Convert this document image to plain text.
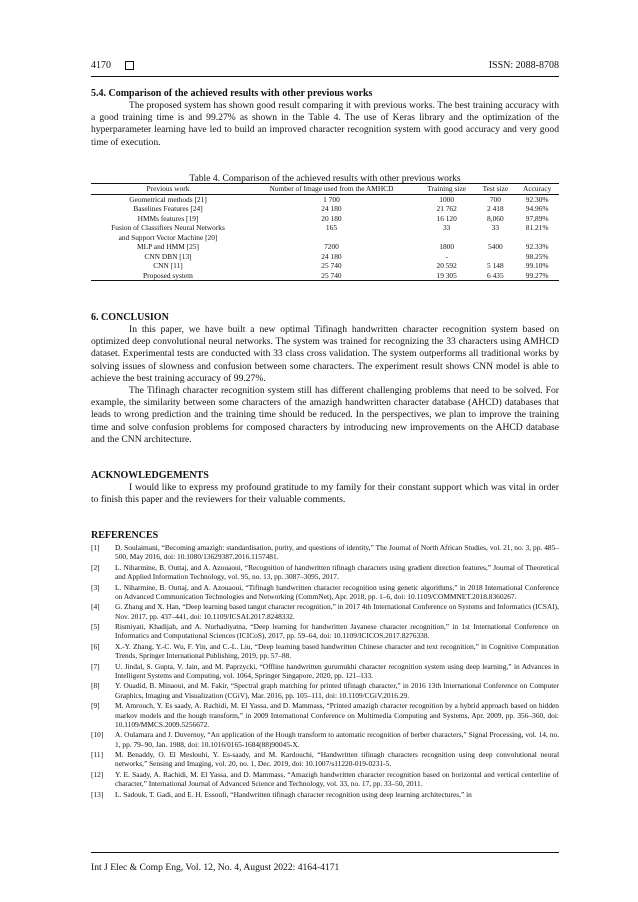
4170	ISSN: 2088-8708
5.4. Comparison of the achieved results with other previous works

The proposed system has shown good result comparing it with previous works. The best training accuracy with a good training time is and 99.27% as shown in the Table 4. The use of Keras library and the optimization of the hyperparameter learning have led to build an improved character recognition system with good accuracy and very good time of execution.

Table 4. Comparison of the achieved results with other previous works
Previous work	Number of Image used from the AMHCD	Training size	Test size	Accuracy
Geometrical methods [21]	1 700	1000	700	92.30%
Baselines Features [24]	24 180	21 762	2 418	94.96%
HMMs features [19]	20 180	16 120	8,060	97,89%
Fusion of Classifiers Neural Networks	165	33	33	81.21%
and Support Vector Machine [20]				
MLP and HMM [25]	7200	1800	5400	92.33%
CNN DBN [13]	24 180	-		98.25%
CNN [11]	25 740	20 592	5 148	99.10%
Proposed system	25 740	19 305	6 435	99.27%
6. CONCLUSION

In this paper, we have built a new optimal Tifinagh handwritten character recognition system based on optimized deep convolutional neural networks. The system was trained for recognizing the 33 characters using AMHCD dataset. Experimental tests are conducted with 33 class cross validation. The system outperforms all traditional works by solving issues of slowness and confusion between some characters. The experiment result shows CNN model is able to achieve the best training accuracy of 99.27%.

The Tifinagh character recognition system still has different challenging problems that need to be solved. For example, the similarity between some characters of the amazigh handwritten character database (AHCD) databases that leads to wrong prediction and the training time should be reduced. In the perspectives, we plan to improve the training time and solve confusion problems for composed characters by introducing new improvements on the AHCD database and the CNN architecture.

ACKNOWLEDGEMENTS

I would like to express my profound gratitude to my family for their constant support which was vital in order to finish this paper and the reviewers for their valuable comments.

REFERENCES
[1]	D. Soulaimani, “Becoming amazigh: standardisation, purity, and questions of identity,” The Journal of North African Studies, vol. 21, no. 3, pp. 485–500, May 2016, doi: 10.1080/13629387.2016.1157481.
[2]	L. Niharmine, B. Outtaj, and A. Azouaoui, “Recognition of handwritten tifinagh characters using gradient direction features,” Journal of Theoretical and Applied Information Technology, vol. 95, no. 13, pp. 3087–3095, 2017.
[3]	L. Niharmine, B. Outtaj, and A. Azouaoui, “Tifinagh handwritten character recognition using genetic algorithms,” in 2018 International Conference on Advanced Communication Technologies and Networking (CommNet), Apr. 2018, pp. 1–6, doi: 10.1109/COMMNET.2018.8360267.
[4]	G. Zhang and X. Han, “Deep learning based tangut character recognition,” in 2017 4th International Conference on Systems and Informatics (ICSAI), Nov. 2017, pp. 437–441, doi: 10.1109/ICSAI.2017.8248332.
[5]	Rismiyati, Khadijah, and A. Nurhadiyatna, “Deep learning for handwritten Javanese character recognition,” in 1st International Conference on Informatics and Computational Sciences (ICICoS), 2017, pp. 59–64, doi: 10.1109/ICICOS.2017.8276338.
[6]	X.-Y. Zhang, Y.-C. Wu, F. Yin, and C.-L. Liu, “Deep learning based handwritten Chinese character and text recognition,” in Cognitive Computation Trends, Springer International Publishing, 2019, pp. 57–88.
[7]	U. Jindal, S. Gupta, V. Jain, and M. Paprzycki, “Offline handwritten gurumukhi character recognition system using deep learning,” in Advances in Intelligent Systems and Computing, vol. 1064, Springer Singapore, 2020, pp. 121–133.
[8]	Y. Ouadid, B. Minaoui, and M. Fakir, “Spectral graph matching for printed tifinagh character,” in 2016 13th International Conference on Computer Graphics, Imaging and Visualization (CGiV), Mar. 2016, pp. 105–111, doi: 10.1109/CGiV.2016.29.
[9]	M. Amrouch, Y. Es saady, A. Rachidi, M. El Yassa, and D. Mammass, “Printed amazigh character recognition by a hybrid approach based on hidden markov models and the hough transform,” in 2009 International Conference on Multimedia Computing and Systems, Apr. 2009, pp. 356–360, doi: 10.1109/MMCS.2009.5256672.
[10]	A. Oulamara and J. Duvernoy, “An application of the Hough transform to automatic recognition of berber characters,” Signal Processing, vol. 14, no. 1, pp. 79–90, Jan. 1988, doi: 10.1016/0165-1684(88)90045-X.
[11]	M. Benaddy, O. El Meslouhi, Y. Es-saady, and M. Kardouchi, “Handwritten tifinagh characters recognition using deep convolutional neural networks,” Sensing and Imaging, vol. 20, no. 1, Dec. 2019, doi: 10.1007/s11220-019-0231-5.
[12]	Y. E. Saady, A. Rachidi, M. El Yassa, and D. Mammass, “Amazigh handwritten character recognition based on horizontal and vertical centerline of character,” International Journal of Advanced Science and Technology, vol. 33, no. 17, pp. 33–50, 2011.
[13]	L. Sadouk, T. Gadi, and E. H. Essoufi, “Handwritten tifinagh character recognition using deep learning architectures,” in
Int J Elec & Comp Eng, Vol. 12, No. 4, August 2022: 4164-4171
